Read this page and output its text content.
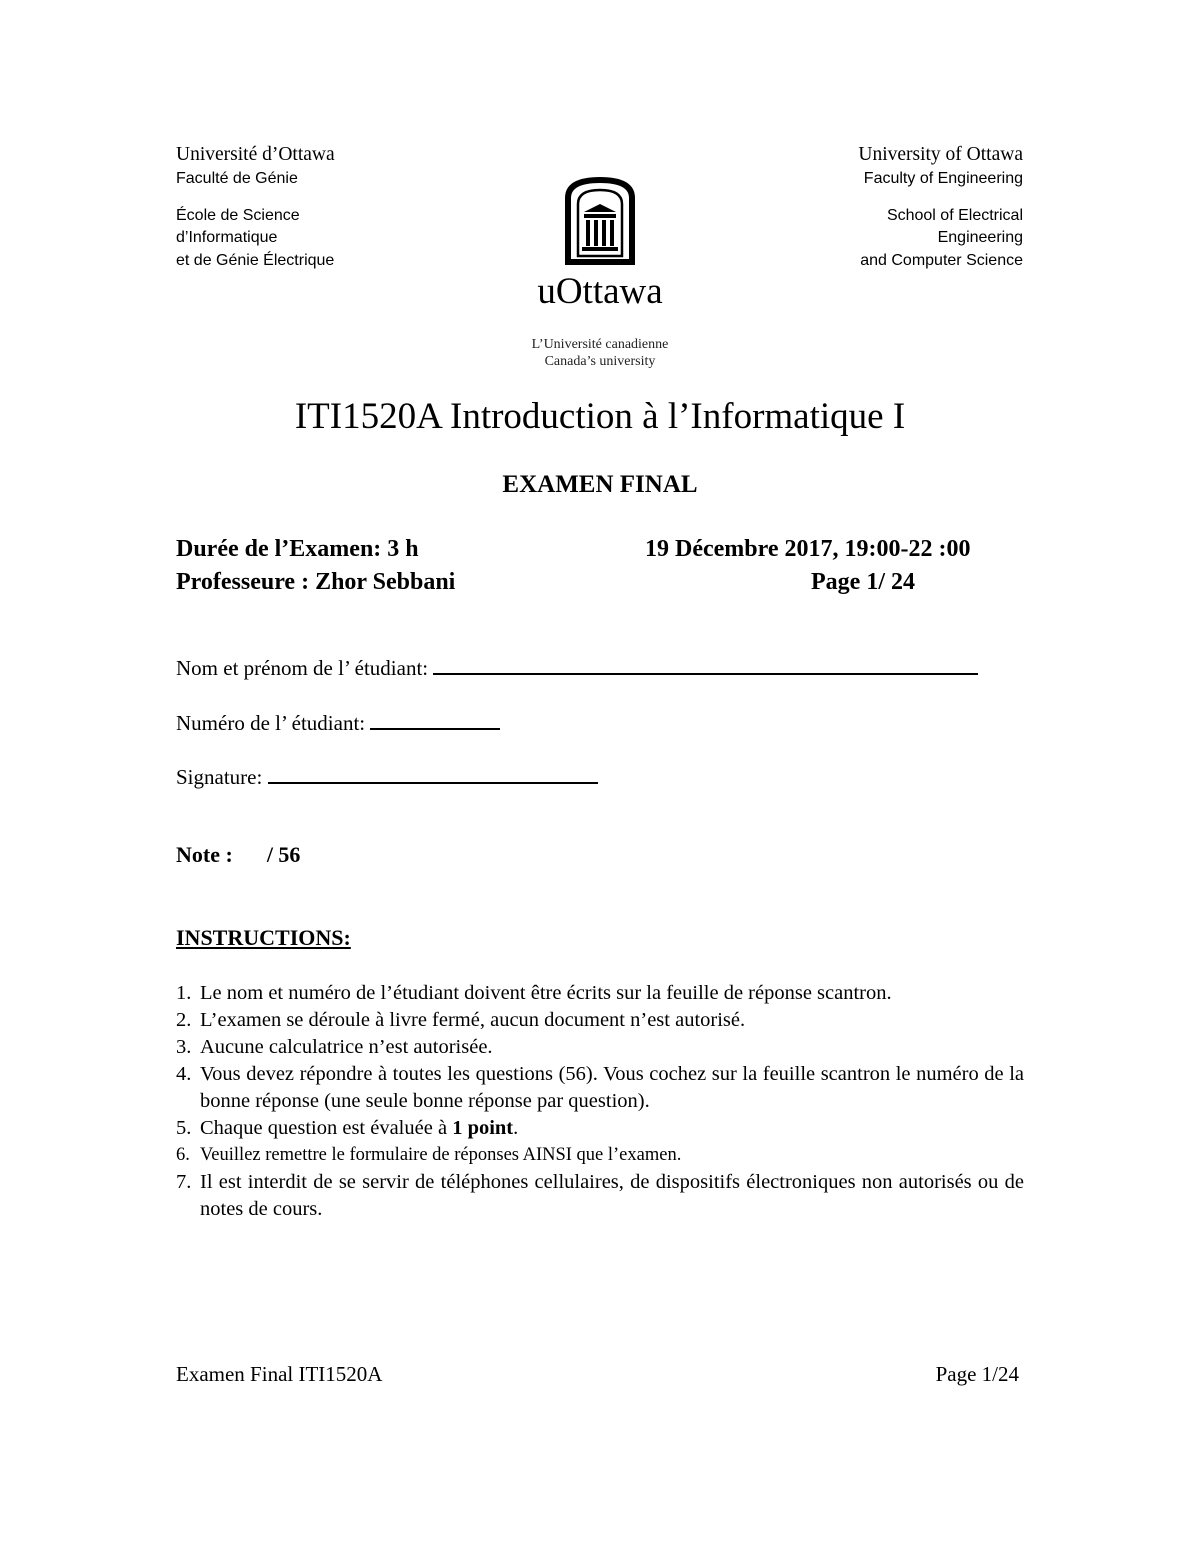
Université d’Ottawa
Faculté de Génie
École de Science
d’Informatique
et de Génie Électrique
University of Ottawa
Faculty of Engineering
School of Electrical
Engineering
and Computer Science
uOttawa
L’Université canadienne
Canada’s university
ITI1520A Introduction à l’Informatique I
EXAMEN FINAL
Durée de l’Examen: 3 h
Professeure : Zhor Sebbani
19 Décembre 2017, 19:00-22 :00
Page 1/ 24
Nom et prénom de l’ étudiant:
Numéro de l’ étudiant:
Signature:
Note : / 56
INSTRUCTIONS:
1. Le nom et numéro de l’étudiant doivent être écrits sur la feuille de réponse scantron.
2. L’examen se déroule à livre fermé, aucun document n’est autorisé.
3. Aucune calculatrice n’est autorisée.
4. Vous devez répondre à toutes les questions (56). Vous cochez sur la feuille scantron le numéro de la bonne réponse (une seule bonne réponse par question).
5. Chaque question est évaluée à 1 point.
6. Veuillez remettre le formulaire de réponses AINSI que l’examen.
7. Il est interdit de se servir de téléphones cellulaires, de dispositifs électroniques non autorisés ou de notes de cours.
Examen Final ITI1520A	Page 1/24
